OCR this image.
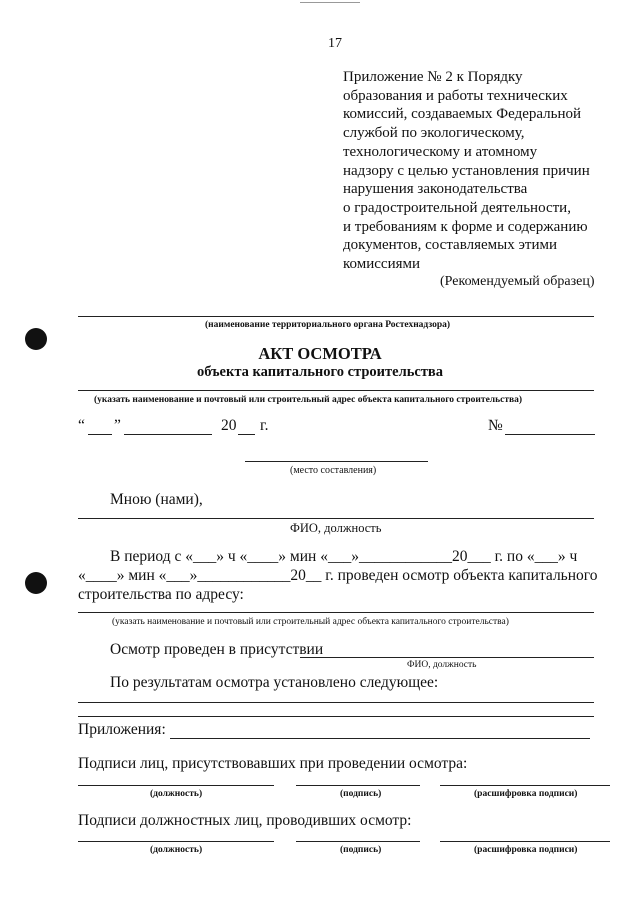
17
Приложение № 2 к Порядку
образования и работы технических
комиссий, создаваемых Федеральной
службой по экологическому,
технологическому и атомному
надзору с целью установления причин
нарушения законодательства
о градостроительной деятельности,
и требованиям к форме и содержанию
документов, составляемых этими
комиссиями
(Рекомендуемый образец)
(наименование территориального органа Ростехнадзора)
АКТ ОСМОТРА
объекта капитального строительства
(указать наименование и почтовый или строительный адрес объекта капитального строительства)
“ ”	20 г.	№
(место составления)
Мною (нами),
ФИО, должность
В период с «___» ч «____» мин «___»____________20___ г. по «___» ч
«____» мин «___»____________20__ г. проведен осмотр объекта капитального
строительства по адресу:
(указать наименование и почтовый или строительный адрес объекта капитального строительства)
Осмотр проведен в присутствии
ФИО, должность
По результатам осмотра установлено следующее:
Приложения:
Подписи лиц, присутствовавших при проведении осмотра:
(должность)	(подпись)	(расшифровка подписи)
Подписи должностных лиц, проводивших осмотр:
(должность)	(подпись)	(расшифровка подписи)
